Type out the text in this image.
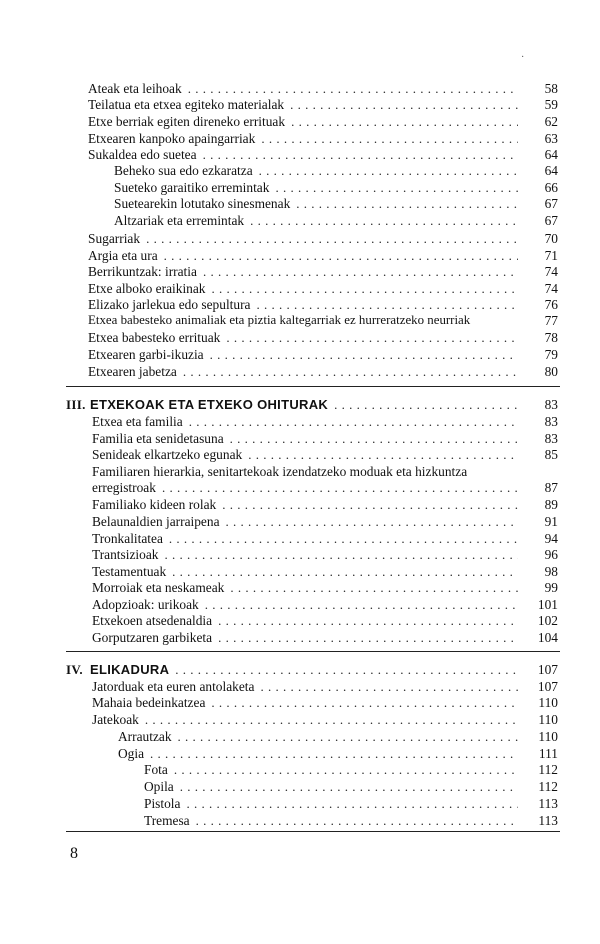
·
Ateak eta leihoak . . .	58
Teilatua eta etxea egiteko materialak . . .	59
Etxe berriak egiten direneko errituak . . .	62
Etxearen kanpoko apaingarriak . . .	63
Sukaldea edo suetea . . .	64
Beheko sua edo ezkaratza . . .	64
Sueteko garaitiko erremintak . . .	66
Suetearekin lotutako sinesmenak . . .	67
Altzariak eta erremintak . . .	67
Sugarriak . . .	70
Argia eta ura . . .	71
Berrikuntzak: irratia . . .	74
Etxe alboko eraikinak . . .	74
Elizako jarlekua edo sepultura . . .	76
Etxea babesteko animaliak eta piztia kaltegarriak ez hurreratzeko neurriak	77
Etxea babesteko errituak . . .	78
Etxearen garbi-ikuzia . . .	79
Etxearen jabetza . . .	80
III. ETXEKOAK ETA ETXEKO OHITURAK . . .	83
Etxea eta familia . . .	83
Familia eta senidetasuna . . .	83
Senideak elkartzeko egunak . . .	85
Familiaren hierarkia, senitartekoak izendatzeko moduak eta hizkuntza
erregistroak . . .	87
Familiako kideen rolak . . .	89
Belaunaldien jarraipena . . .	91
Tronkalitatea . . .	94
Trantsizioak . . .	96
Testamentuak . . .	98
Morroiak eta neskameak . . .	99
Adopzioak: urikoak . . .	101
Etxekoen atsedenaldia . . .	102
Gorputzaren garbiketa . . .	104
IV. ELIKADURA . . .	107
Jatorduak eta euren antolaketa . . .	107
Mahaia bedeinkatzea . . .	110
Jatekoak . . .	110
Arrautzak . . .	110
Ogia . . .	111
Fota . . .	112
Opila . . .	112
Pistola . . .	113
Tremesa . . .	113
8
